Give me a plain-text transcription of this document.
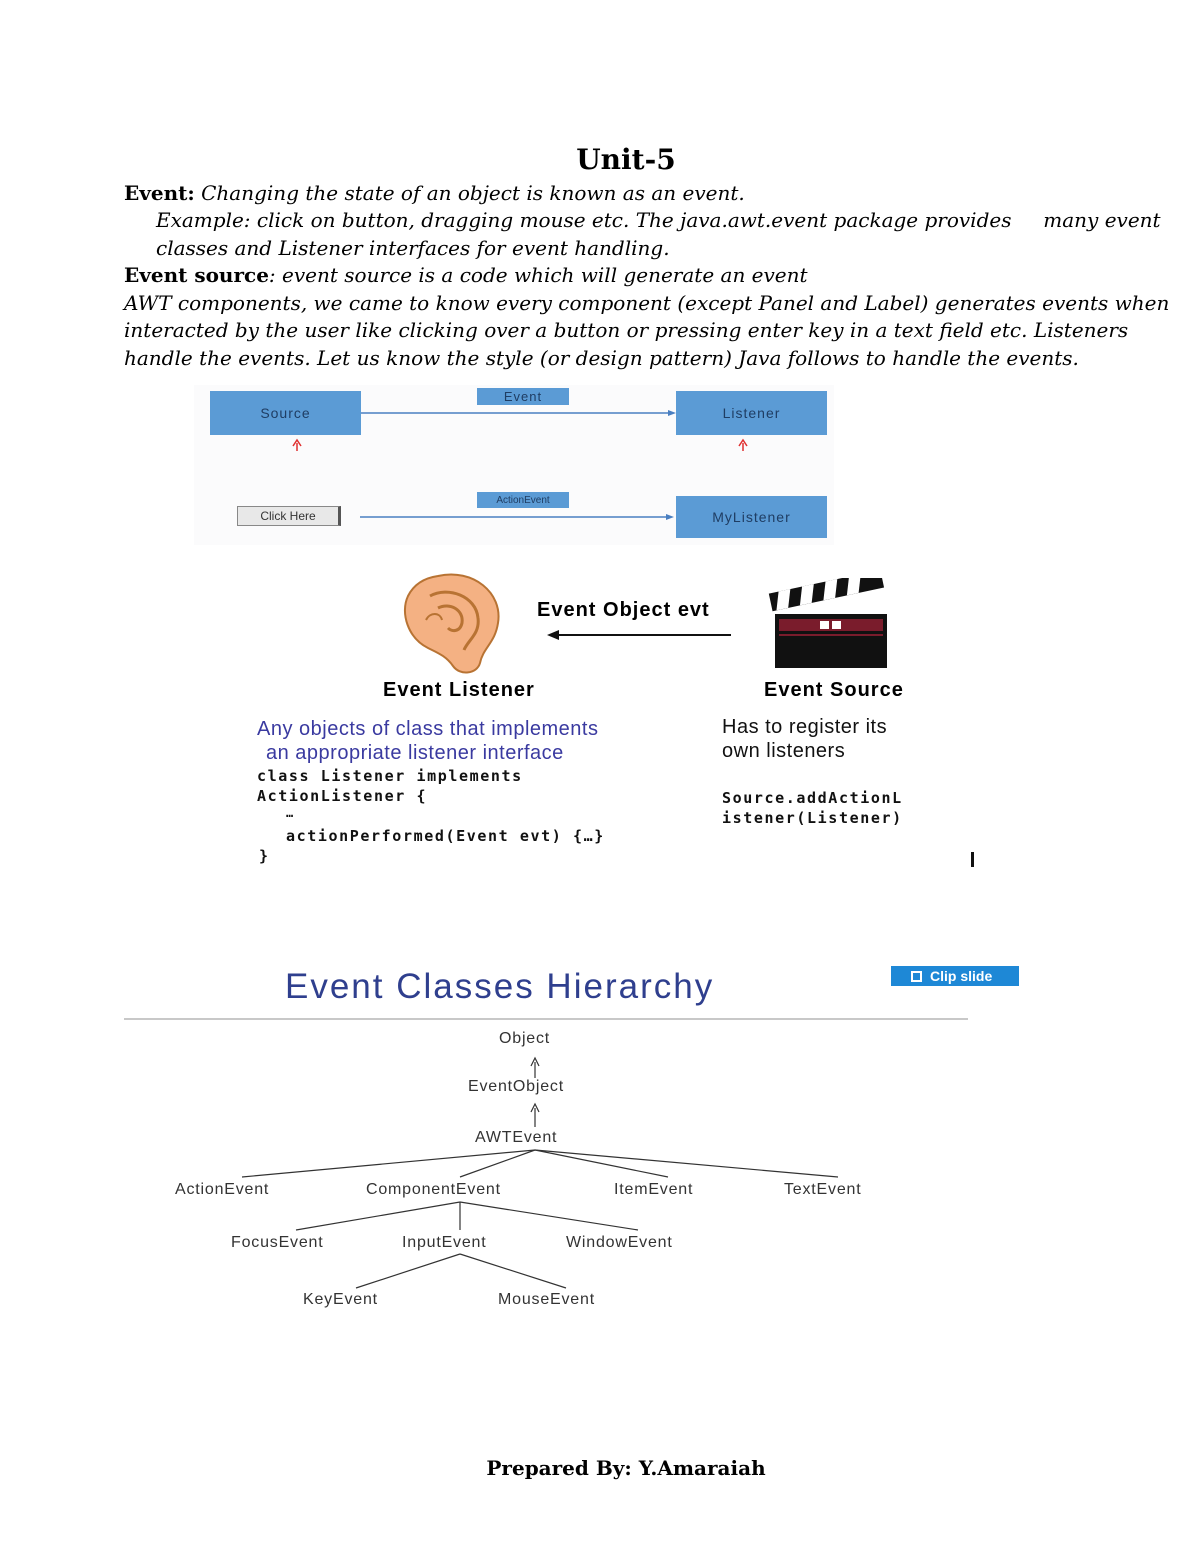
Unit-5
Event: Changing the state of an object is known as an event.
Example: click on button, dragging mouse etc. The java.awt.event package provides     many event
classes and Listener interfaces for event handling.
Event source: event source is a code which will generate an event
AWT components, we came to know every component (except Panel and Label) generates events when
interacted by the user like clicking over a button or pressing enter key in a text field etc. Listeners
handle the events. Let us know the style (or design pattern) Java follows to handle the events.
Source
Event
Listener
Click Here
ActionEvent
MyListener
Event Object evt
Event Listener	Event Source
Any objects of class that implements
an appropriate listener interface
class Listener implements
ActionListener {
…
actionPerformed(Event evt) {…}
}
Has to register its
own listeners
Source.addActionL
istener(Listener)
Event Classes Hierarchy	Clip slide
Object
EventObject
AWTEvent
ActionEvent	ComponentEvent	ItemEvent	TextEvent
FocusEvent	InputEvent	WindowEvent
KeyEvent	MouseEvent
Prepared By: Y.Amaraiah
